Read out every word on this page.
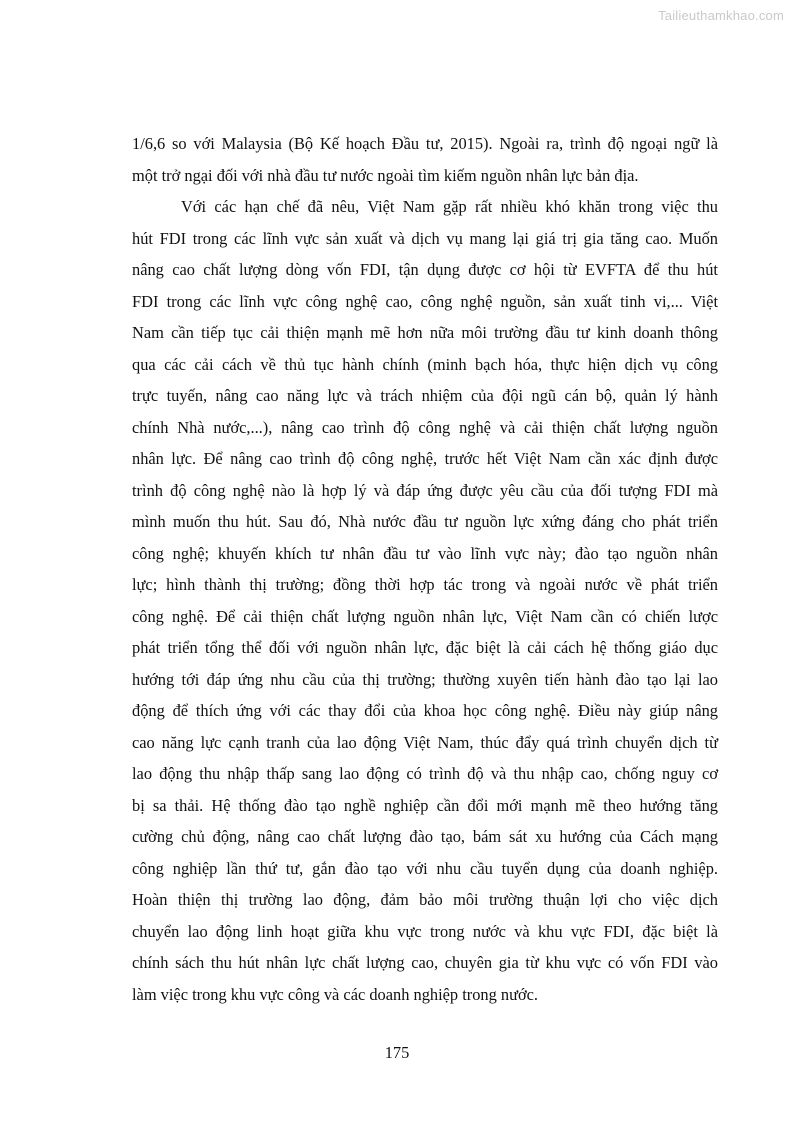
Tailieuthamkhao.com
1/6,6 so với Malaysia (Bộ Kế hoạch Đầu tư, 2015). Ngoài ra, trình độ ngoại ngữ là
một trở ngại đối với nhà đầu tư nước ngoài tìm kiếm nguồn nhân lực bản địa.
Với các hạn chế đã nêu, Việt Nam gặp rất nhiều khó khăn trong việc thu
hút FDI trong các lĩnh vực sản xuất và dịch vụ mang lại giá trị gia tăng cao. Muốn
nâng cao chất lượng dòng vốn FDI, tận dụng được cơ hội từ EVFTA để thu hút
FDI trong các lĩnh vực công nghệ cao, công nghệ nguồn, sản xuất tinh vi,... Việt
Nam cần tiếp tục cải thiện mạnh mẽ hơn nữa môi trường đầu tư kinh doanh thông
qua các cải cách về thủ tục hành chính (minh bạch hóa, thực hiện dịch vụ công
trực tuyến, nâng cao năng lực và trách nhiệm của đội ngũ cán bộ, quản lý hành
chính Nhà nước,...), nâng cao trình độ công nghệ và cải thiện chất lượng nguồn
nhân lực. Để nâng cao trình độ công nghệ, trước hết Việt Nam cần xác định được
trình độ công nghệ nào là hợp lý và đáp ứng được yêu cầu của đối tượng FDI mà
mình muốn thu hút. Sau đó, Nhà nước đầu tư nguồn lực xứng đáng cho phát triển
công nghệ; khuyến khích tư nhân đầu tư vào lĩnh vực này; đào tạo nguồn nhân
lực; hình thành thị trường; đồng thời hợp tác trong và ngoài nước về phát triển
công nghệ. Để cải thiện chất lượng nguồn nhân lực, Việt Nam cần có chiến lược
phát triển tổng thể đối với nguồn nhân lực, đặc biệt là cải cách hệ thống giáo dục
hướng tới đáp ứng nhu cầu của thị trường; thường xuyên tiến hành đào tạo lại lao
động để thích ứng với các thay đổi của khoa học công nghệ. Điều này giúp nâng
cao năng lực cạnh tranh của lao động Việt Nam, thúc đẩy quá trình chuyển dịch từ
lao động thu nhập thấp sang lao động có trình độ và thu nhập cao, chống nguy cơ
bị sa thải. Hệ thống đào tạo nghề nghiệp cần đổi mới mạnh mẽ theo hướng tăng
cường chủ động, nâng cao chất lượng đào tạo, bám sát xu hướng của Cách mạng
công nghiệp lần thứ tư, gắn đào tạo với nhu cầu tuyển dụng của doanh nghiệp.
Hoàn thiện thị trường lao động, đảm bảo môi trường thuận lợi cho việc dịch
chuyển lao động linh hoạt giữa khu vực trong nước và khu vực FDI, đặc biệt là
chính sách thu hút nhân lực chất lượng cao, chuyên gia từ khu vực có vốn FDI vào
làm việc trong khu vực công và các doanh nghiệp trong nước.
175
